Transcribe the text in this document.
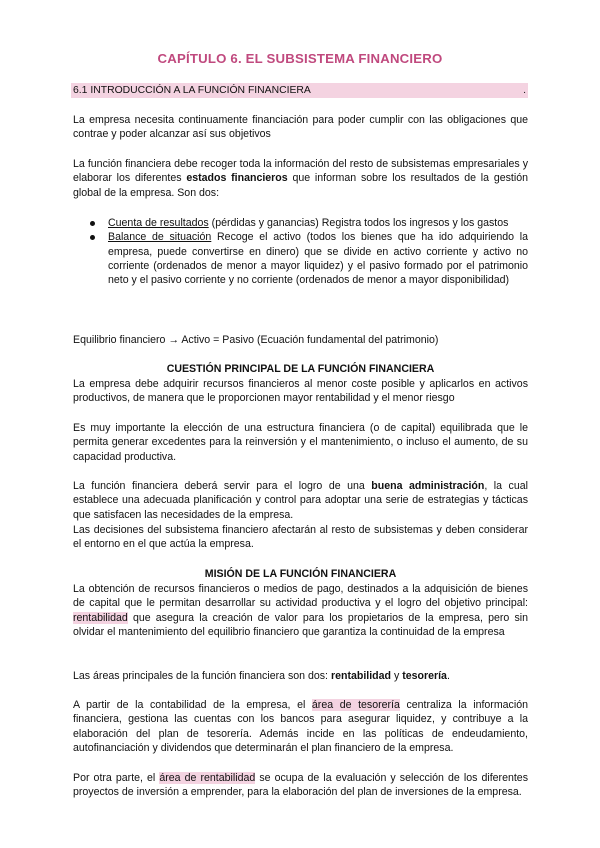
CAPÍTULO 6. EL SUBSISTEMA FINANCIERO
6.1 INTRODUCCIÓN A LA FUNCIÓN FINANCIERA	.
La empresa necesita continuamente financiación para poder cumplir con las obligaciones que contrae y poder alcanzar así sus objetivos
La función financiera debe recoger toda la información del resto de subsistemas empresariales y elaborar los diferentes estados financieros que informan sobre los resultados de la gestión global de la empresa. Son dos:
Cuenta de resultados (pérdidas y ganancias) Registra todos los ingresos y los gastos
Balance de situación Recoge el activo (todos los bienes que ha ido adquiriendo la empresa, puede convertirse en dinero) que se divide en activo corriente y activo no corriente (ordenados de menor a mayor liquidez) y el pasivo formado por el patrimonio neto y el pasivo corriente y no corriente (ordenados de menor a mayor disponibilidad)
Equilibrio financiero → Activo = Pasivo (Ecuación fundamental del patrimonio)
CUESTIÓN PRINCIPAL DE LA FUNCIÓN FINANCIERA
La empresa debe adquirir recursos financieros al menor coste posible y aplicarlos en activos productivos, de manera que le proporcionen mayor rentabilidad y el menor riesgo
Es muy importante la elección de una estructura financiera (o de capital) equilibrada que le permita generar excedentes para la reinversión y el mantenimiento, o incluso el aumento, de su capacidad productiva.
La función financiera deberá servir para el logro de una buena administración, la cual establece una adecuada planificación y control para adoptar una serie de estrategias y tácticas que satisfacen las necesidades de la empresa.
Las decisiones del subsistema financiero afectarán al resto de subsistemas y deben considerar el entorno en el que actúa la empresa.
MISIÓN DE LA FUNCIÓN FINANCIERA
La obtención de recursos financieros o medios de pago, destinados a la adquisición de bienes de capital que le permitan desarrollar su actividad productiva y el logro del objetivo principal: rentabilidad que asegura la creación de valor para los propietarios de la empresa, pero sin olvidar el mantenimiento del equilibrio financiero que garantiza la continuidad de la empresa
Las áreas principales de la función financiera son dos: rentabilidad y tesorería.
A partir de la contabilidad de la empresa, el área de tesorería centraliza la información financiera, gestiona las cuentas con los bancos para asegurar liquidez, y contribuye a la elaboración del plan de tesorería. Además incide en las políticas de endeudamiento, autofinanciación y dividendos que determinarán el plan financiero de la empresa.
Por otra parte, el área de rentabilidad se ocupa de la evaluación y selección de los diferentes proyectos de inversión a emprender, para la elaboración del plan de inversiones de la empresa.
